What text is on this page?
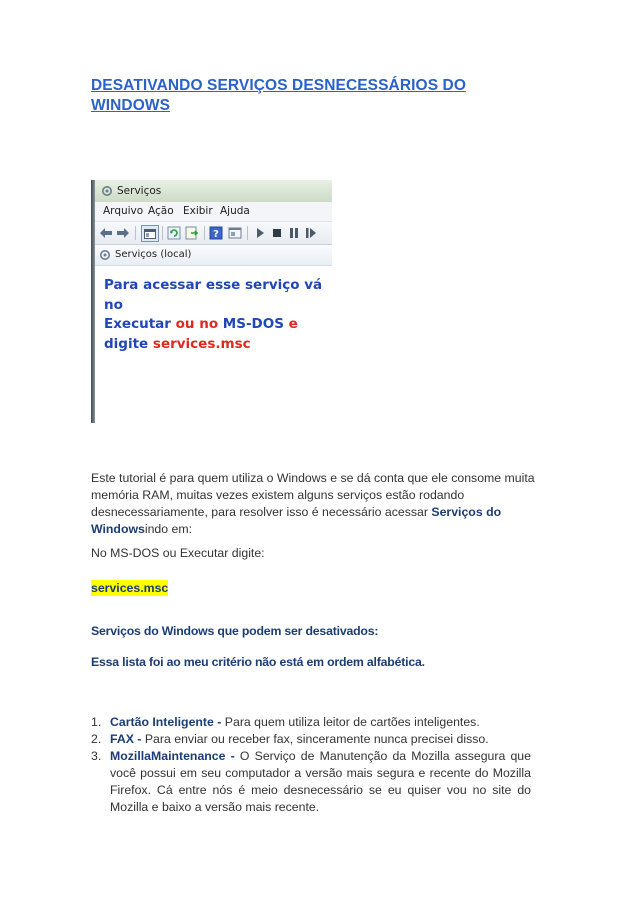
DESATIVANDO SERVIÇOS DESNECESSÁRIOS DO WINDOWS
Serviços
Arquivo Ação Exibir Ajuda
?
Serviços (local)
Para acessar esse serviço vá no
Executar ou no MS-DOS e
digite services.msc

Este tutorial é para quem utiliza o Windows e se dá conta que ele consome muita memória RAM, muitas vezes existem alguns serviços estão rodando desnecessariamente, para resolver isso é necessário acessar Serviços do Windowsindo em:

No MS-DOS ou Executar digite:

services.msc
Serviços do Windows que podem ser desativados:
Essa lista foi ao meu critério não está em ordem alfabética.
1. Cartão Inteligente - Para quem utiliza leitor de cartões inteligentes.
2. FAX - Para enviar ou receber fax, sinceramente nunca precisei disso.
3. MozillaMaintenance - O Serviço de Manutenção da Mozilla assegura que você possui em seu computador a versão mais segura e recente do Mozilla Firefox. Cá entre nós é meio desnecessário se eu quiser vou no site do Mozilla e baixo a versão mais recente.
